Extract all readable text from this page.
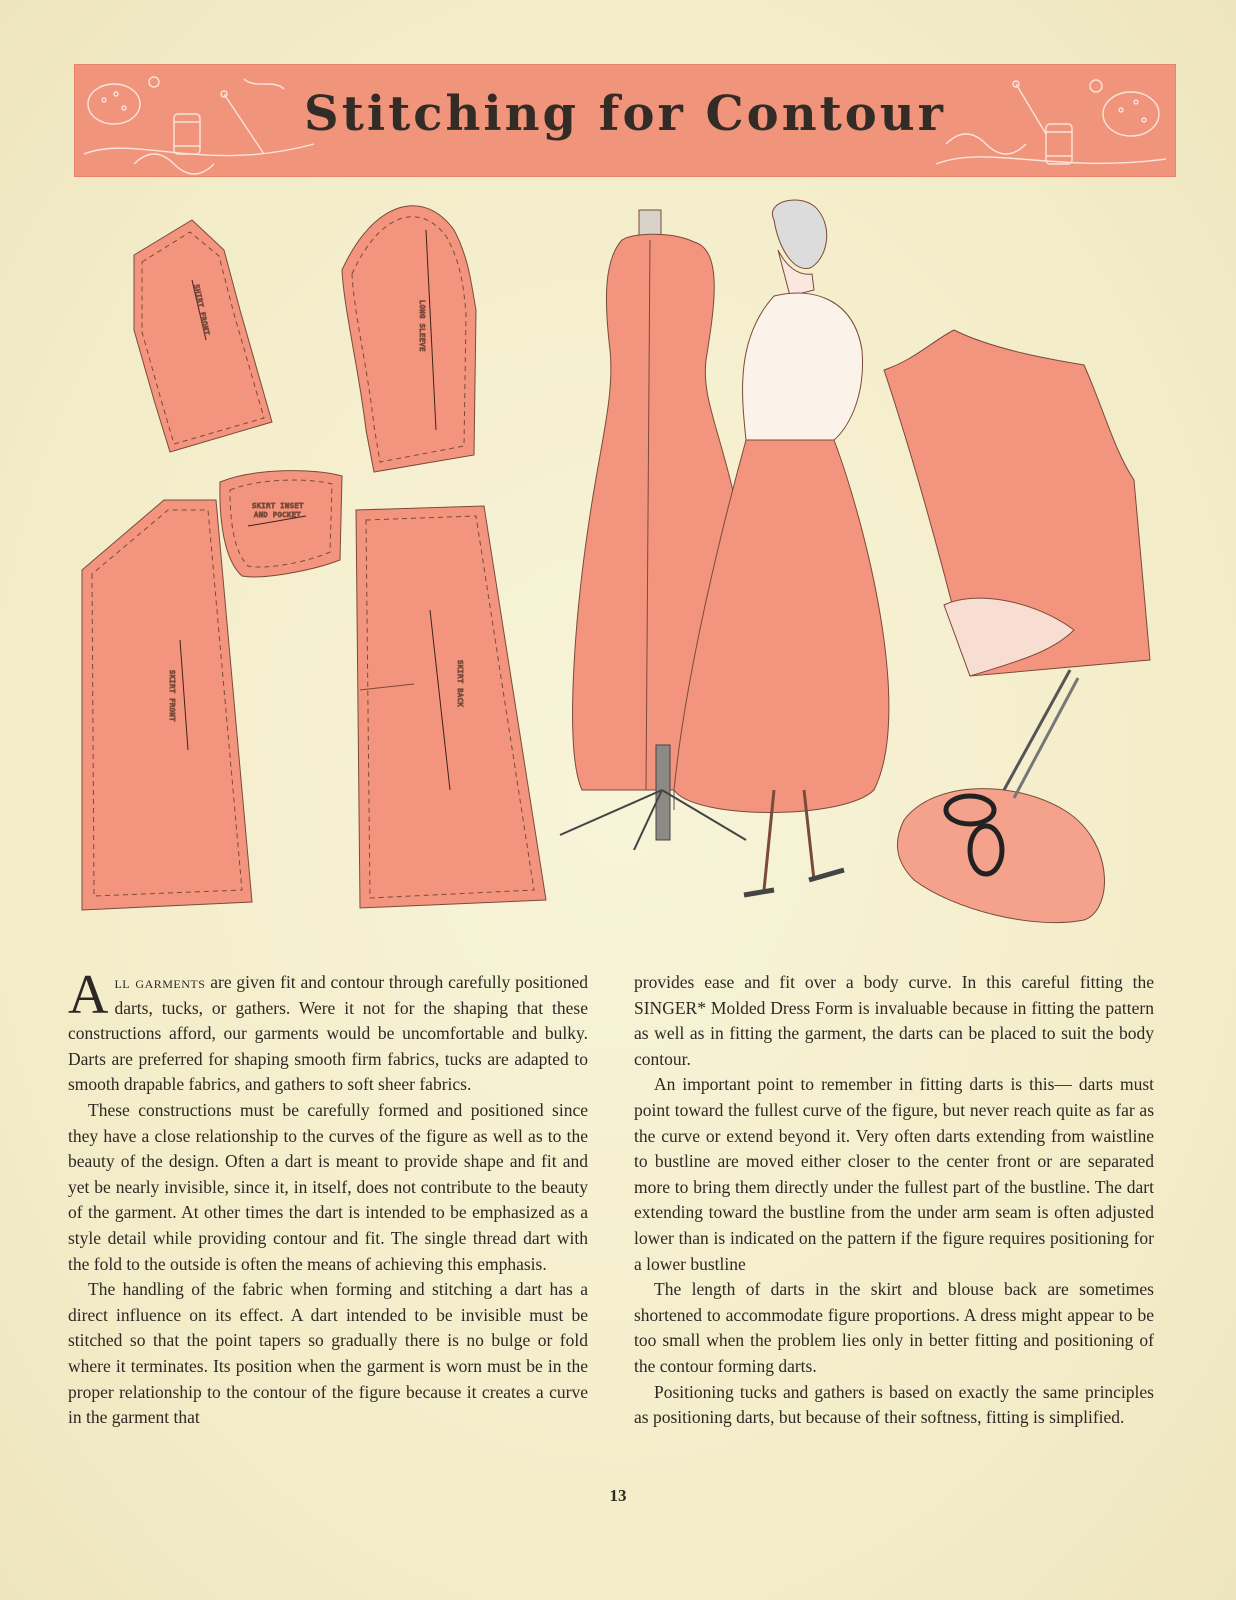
Stitching for Contour
SHIRT FRONT	LONG SLEEVE
SKIRT INSET
AND POCKET
SKIRT FRONT	SKIRT BACK

All garments are given fit and contour through carefully positioned darts, tucks, or gathers. Were it not for the shaping that these constructions afford, our garments would be uncomfortable and bulky. Darts are preferred for shaping smooth firm fabrics, tucks are adapted to smooth drapable fabrics, and gathers to soft sheer fabrics.

These constructions must be carefully formed and positioned since they have a close relationship to the curves of the figure as well as to the beauty of the design. Often a dart is meant to provide shape and fit and yet be nearly invisible, since it, in itself, does not contribute to the beauty of the garment. At other times the dart is intended to be emphasized as a style detail while providing contour and fit. The single thread dart with the fold to the outside is often the means of achieving this emphasis.

The handling of the fabric when forming and stitching a dart has a direct influence on its effect. A dart intended to be invisible must be stitched so that the point tapers so gradually there is no bulge or fold where it terminates. Its position when the garment is worn must be in the proper relationship to the contour of the figure because it creates a curve in the garment that

provides ease and fit over a body curve. In this careful fitting the SINGER* Molded Dress Form is invaluable because in fitting the pattern as well as in fitting the garment, the darts can be placed to suit the body contour.

An important point to remember in fitting darts is this— darts must point toward the fullest curve of the figure, but never reach quite as far as the curve or extend beyond it. Very often darts extending from waistline to bustline are moved either closer to the center front or are separated more to bring them directly under the fullest part of the bustline. The dart extending toward the bustline from the under arm seam is often adjusted lower than is indicated on the pattern if the figure requires positioning for a lower bustline

The length of darts in the skirt and blouse back are sometimes shortened to accommodate figure proportions. A dress might appear to be too small when the problem lies only in better fitting and positioning of the contour forming darts.

Positioning tucks and gathers is based on exactly the same principles as positioning darts, but because of their softness, fitting is simplified.

13
